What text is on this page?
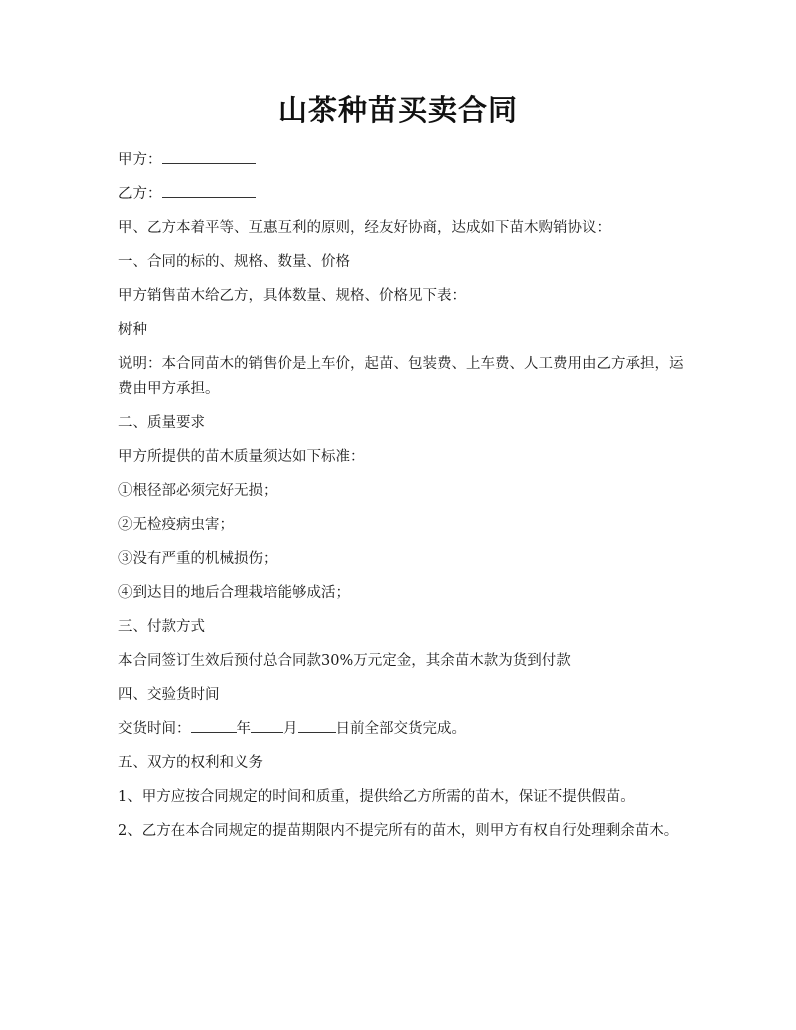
山茶种苗买卖合同

甲方：

乙方：

甲、乙方本着平等、互惠互利的原则，经友好协商，达成如下苗木购销协议：

一、合同的标的、规格、数量、价格

甲方销售苗木给乙方，具体数量、规格、价格见下表：

树种

说明：本合同苗木的销售价是上车价，起苗、包装费、上车费、人工费用由乙方承担，运费由甲方承担。

二、质量要求

甲方所提供的苗木质量须达如下标准：

①根径部必须完好无损；

②无检疫病虫害；

③没有严重的机械损伤；

④到达目的地后合理栽培能够成活；

三、付款方式

本合同签订生效后预付总合同款30%万元定金，其余苗木款为货到付款

四、交验货时间

交货时间：	年 月	日前全部交货完成。

五、双方的权利和义务

1、甲方应按合同规定的时间和质重，提供给乙方所需的苗木，保证不提供假苗。

2、乙方在本合同规定的提苗期限内不提完所有的苗木，则甲方有权自行处理剩余苗木。
